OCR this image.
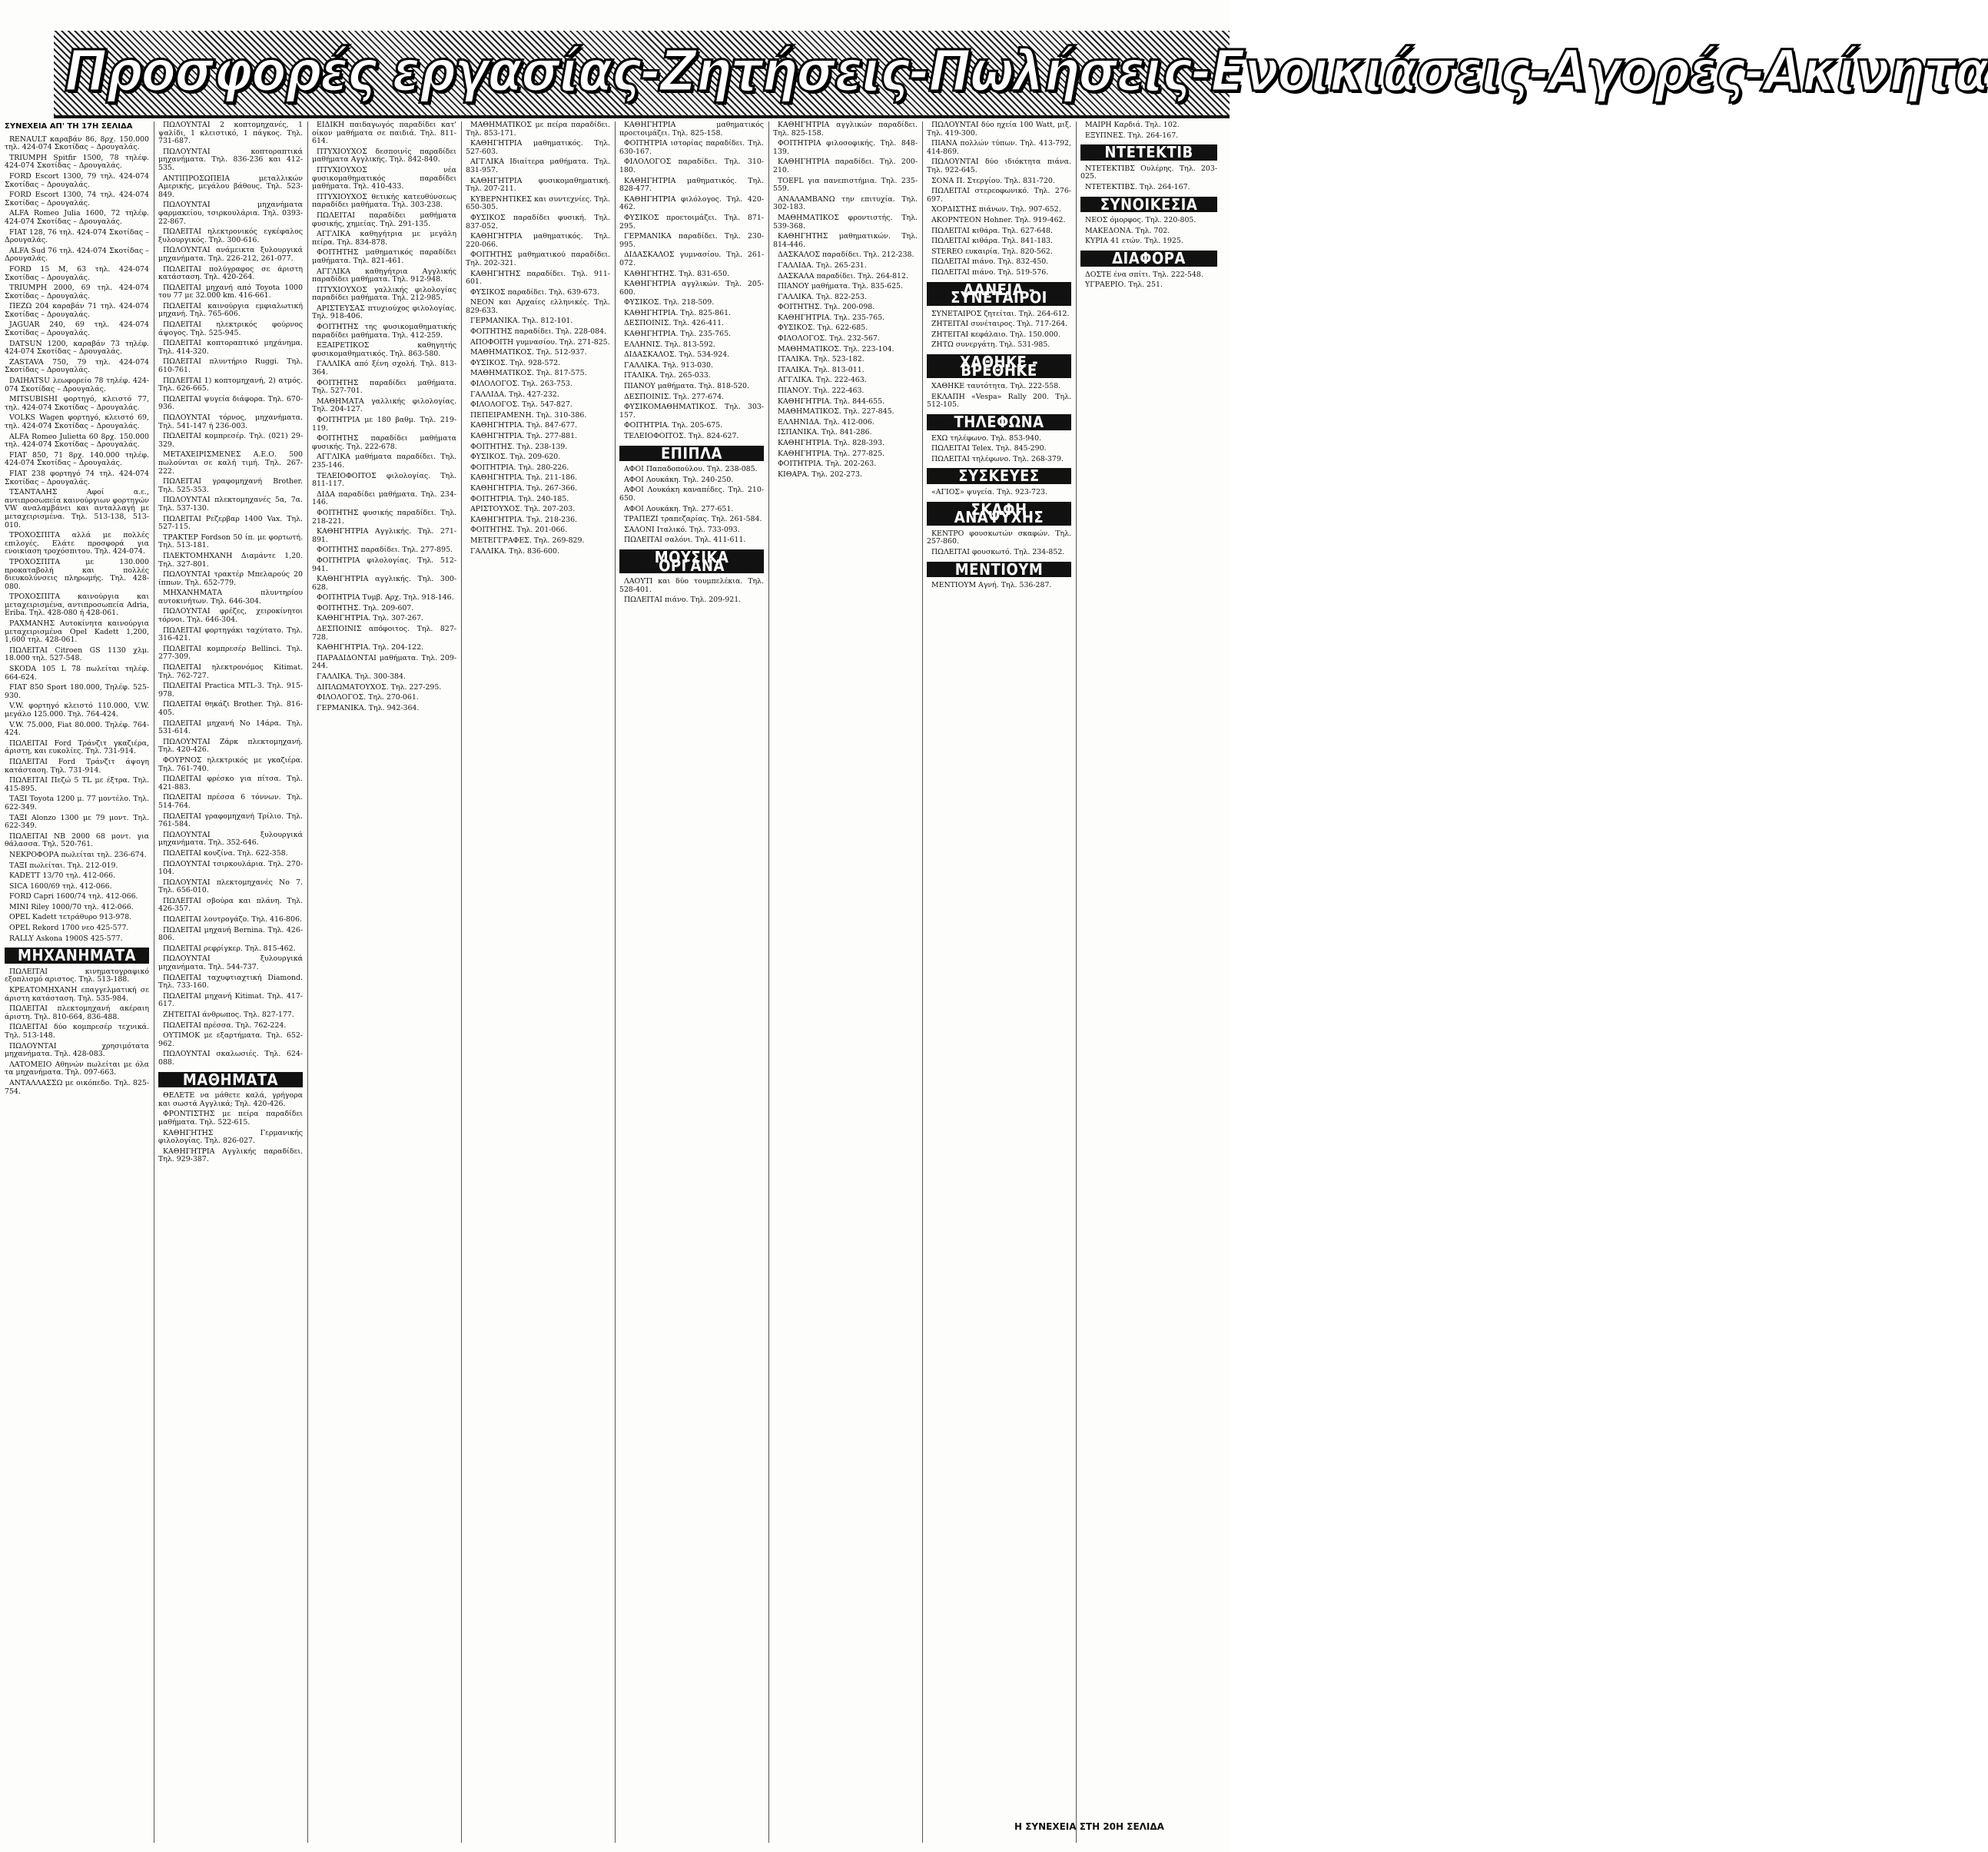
Προσφορές εργασίας-Ζητήσεις-Πωλήσεις-Ενοικιάσεις-Αγορές-Ακίνητα
ΣΥΝΕΧΕΙΑ ΑΠ' ΤΗ 17Η ΣΕΛΙΔΑ

RENAULT καραβάν 86, 8ρχ. 150.000 τηλ. 424-074 Σκοτίδας – Δρουγαλάς.

TRIUMPH Spitfir 1500, 78 τηλέφ. 424-074 Σκοτίδας – Δρουγαλάς.

FORD Escort 1300, 79 τηλ. 424-074 Σκοτίδας – Δρουγαλάς.

FORD Escort 1300, 74 τηλ. 424-074 Σκοτίδας – Δρουγαλάς.

ALFA Romeo Julia 1600, 72 τηλέφ. 424-074 Σκοτίδας – Δρουγαλάς.

FIAT 128, 76 τηλ. 424-074 Σκοτίδας – Δρουγαλάς.

ALFA Sud 76 τηλ. 424-074 Σκοτίδας – Δρουγαλάς.

FORD 15 M, 63 τηλ. 424-074 Σκοτίδας – Δρουγαλάς.

TRIUMPH 2000, 69 τηλ. 424-074 Σκοτίδας – Δρουγαλάς.

ΠΕΖΩ 204 καραβάν 71 τηλ. 424-074 Σκοτίδας – Δρουγαλάς.

JAGUAR 240, 69 τηλ. 424-074 Σκοτίδας – Δρουγαλάς.

DATSUN 1200, καραβάν 73 τηλέφ. 424-074 Σκοτίδας – Δρουγαλάς.

ZASTAVA 750, 79 τηλ. 424-074 Σκοτίδας – Δρουγαλάς.

DAIHATSU λεωφορείο 78 τηλέφ. 424-074 Σκοτίδας – Δρουγαλάς.

MITSUBISHI φορτηγό, κλειστό 77, τηλ. 424-074 Σκοτίδας – Δρουγαλάς.

VOLKS Wagen φορτηγό, κλειστό 69, τηλ. 424-074 Σκοτίδας – Δρουγαλάς.

ALFA Romeo Julietta 60 8ρχ. 150.000 τηλ. 424-074 Σκοτίδας – Δρουγαλάς.

FIAT 850, 71 8ρχ. 140.000 τηλέφ. 424-074 Σκοτίδας – Δρουγαλάς.

FIAT 238 φορτηγό 74 τηλ. 424-074 Σκοτίδας – Δρουγαλάς.

ΤΣΑΝΤΑΛΗΣ Αφοί α.ε., αντιπροσωπεία καινούργιων φορτηγών VW αναλαμβάνει και ανταλλαγή με μεταχειρισμένα. Τηλ. 513-138, 513-010.

ΤΡΟΧΟΣΠΙΤΑ αλλά με πολλές επιλογές. Ελάτε προσφορά για ενοικίαση τροχόσπιτου. Τηλ. 424-074.

ΤΡΟΧΟΣΠΙΤΑ με 130.000 προκαταβολή και πολλές διευκολύνσεις πληρωμής. Τηλ. 428-080.

ΤΡΟΧΟΣΠΙΤΑ καινούργια και μεταχειρισμένα, αντιπροσωπεία Adria, Eriba. Τηλ. 428-080 ή 428-061.

ΡΑΧΜΑΝΗΣ Αυτοκίνητα καινούργια μεταχειρισμένα Opel Kadett 1,200, 1,600 τηλ. 428-061.

ΠΩΛΕΙΤΑΙ Citroen GS 1130 χλμ. 18.000 τηλ. 527-548.

SKODA 105 L 78 πωλείται τηλέφ. 664-624.

FIAT 850 Sport 180.000, Τηλέφ. 525-930.

V.W. φορτηγό κλειστό 110.000, V.W. μεγάλο 125.000. Τηλ. 764-424.

V.W. 75.000, Fiat 80.000. Τηλέφ. 764-424.

ΠΩΛΕΙΤΑΙ Ford Τράνζιτ γκαζιέρα, άριστη, και ευκολίες. Τηλ. 731-914.

ΠΩΛΕΙΤΑΙ Ford Τράνζιτ άψογη κατάσταση. Τηλ. 731-914.

ΠΩΛΕΙΤΑΙ Πεζώ 5 TL με έξτρα. Τηλ. 415-895.

ΤΑΞΙ Toyota 1200 μ. 77 μοντέλο. Τηλ. 622-349.

ΤΑΞΙ Αlonzo 1300 με 79 μοντ. Τηλ. 622-349.

ΠΩΛΕΙΤΑΙ ΝΒ 2000 68 μοντ. για θάλασσα. Τηλ. 520-761.

ΝΕΚΡΟΦΟΡΑ πωλείται τηλ. 236-674.

ΤΑΞΙ πωλείται. Τηλ. 212-019.

KADETT 13/70 τηλ. 412-066.

SIСΑ 1600/69 τηλ. 412-066.

FORD Capri 1600/74 τηλ. 412-066.

MINI Riley 1000/70 τηλ. 412-066.

OPEL Kadett τετράθυρο 913-978.

OPEL Rekord 1700 νεο 425-577.

RALLY Askona 1900S 425-577.

ΜΗΧΑΝΗΜΑΤΑ

ΠΩΛΕΙΤΑΙ κινηματογραφικό εξοπλισμό αριστος. Τηλ. 513-188.

ΚΡΕΑΤΟΜΗΧΑΝΗ επαγγελματική σε άριστη κατάσταση. Τηλ. 535-984.

ΠΩΛΕΙΤΑΙ πλεκτομηχανή ακέραιη άριστη. Τηλ. 810-664, 836-488.

ΠΩΛΕΙΤΑΙ δύο κομπρεσέρ τεχνικά. Τηλ. 513-148.

ΠΩΛΟΥΝΤΑΙ χρησιμότατα μηχανήματα. Τηλ. 428-083.

ΛΑΤΟΜΕΙΟ Αθηνών πωλείται με όλα τα μηχανήματα. Τηλ. 097-663.

ΑΝΤΑΛΛΑΣΣΩ με οικόπεδο. Τηλ. 825-754.

ΠΩΛΟΥΝΤΑΙ 2 κοπτομηχανές, 1 ψαλίδι, 1 κλειστικό, 1 πάγκος. Τηλ. 731-687.

ΠΩΛΟΥΝΤΑΙ κοπτοραπτικά μηχανήματα. Τηλ. 836-236 και 412-535.

ΑΝΤΙΠΡΟΣΩΠΕΙΑ μεταλλικών Αμερικής, μεγάλου βάθους. Τηλ. 523-849.

ΠΩΛΟΥΝΤΑΙ μηχανήματα φαρμακείου, τσιρκουλάρια. Τηλ. 0393-22-867.

ΠΩΛΕΙΤΑΙ ηλεκτρονικός εγκέφαλος ξυλουργικός. Τηλ. 300-616.

ΠΩΛΟΥΝΤΑΙ ανάμεικτα ξυλουργικά μηχανήματα. Τηλ. 226-212, 261-077.

ΠΩΛΕΙΤΑΙ πολύγραφος σε άριστη κατάσταση. Τηλ. 420-264.

ΠΩΛΕΙΤΑΙ μηχανή από Toyota 1000 του 77 με 32.000 km. 416-661.

ΠΩΛΕΙΤΑΙ καινούργια εμφιαλωτική μηχανή. Τηλ. 765-606.

ΠΩΛΕΙΤΑΙ ηλεκτρικός φούρνος άψογος. Τηλ. 525-945.

ΠΩΛΕΙΤΑΙ κοπτοραπτικό μηχάνημα. Τηλ. 414-320.

ΠΩΛΕΙΤΑΙ πλυντήριο Ruggi. Τηλ. 610-761.

ΠΩΛΕΙΤΑΙ 1) κοπτομηχανή, 2) ατμός. Τηλ. 626-665.

ΠΩΛΕΙΤΑΙ ψυγεία διάφορα. Τηλ. 670-936.

ΠΩΛΟΥΝΤΑΙ τόρνος, μηχανήματα. Τηλ. 541-147 ή 236-003.

ΠΩΛΕΙΤΑΙ κομπρεσέρ. Τηλ. (021) 29-329.

ΜΕΤΑΧΕΙΡΙΣΜΕΝΕΣ Α.Ε.Ο. 500 πωλούνται σε καλή τιμή. Τηλ. 267-222.

ΠΩΛΕΙΤΑΙ γραφομηχανή Brother. Τηλ. 525-353.

ΠΩΛΟΥΝΤΑΙ πλεκτομηχανές 5α, 7α. Τηλ. 537-130.

ΠΩΛΕΙΤΑΙ Ρεζερβαρ 1400 Vax. Τηλ. 527-115.

ΤΡΑΚΤΕΡ Fordson 50 ίπ. με φορτωτή. Τηλ. 513-181.

ΠΛΕΚΤΟΜΗΧΑΝΗ Διαμάντε 1,20. Τηλ. 327-801.

ΠΩΛΟΥΝΤΑΙ τρακτέρ Μπελαρούς 20 ίππων. Τηλ. 652-779.

ΜΗΧΑΝΗΜΑΤΑ πλυντηρίου αυτοκινήτων. Τηλ. 646-304.

ΠΩΛΟΥΝΤΑΙ φρέζες, χειροκίνητοι τόρνοι. Τηλ. 646-304.

ΠΩΛΕΙΤΑΙ φορτηγάκι ταχύτατο. Τηλ. 316-421.

ΠΩΛΕΙΤΑΙ κομπρεσέρ Bellinci. Τηλ. 277-309.

ΠΩΛΕΙΤΑΙ ηλεκτρονόμος Kitimat. Τηλ. 762-727.

ΠΩΛΕΙΤΑΙ Practica ΜΤL-3. Τηλ. 915-978.

ΠΩΛΕΙΤΑΙ θηκάζι Brother. Τηλ. 816-405.

ΠΩΛΕΙΤΑΙ μηχανή Νο 14άρα. Τηλ. 531-614.

ΠΩΛΟΥΝΤΑΙ Ζάρκ πλεκτομηχανή. Τηλ. 420-426.

ΦΟΥΡΝΟΣ ηλεκτρικός με γκαζιέρα. Τηλ. 761-740.

ΠΩΛΕΙΤΑΙ φρέσκο για πίτσα. Τηλ. 421-883.

ΠΩΛΕΙΤΑΙ πρέσσα 6 τόννων. Τηλ. 514-764.

ΠΩΛΕΙΤΑΙ γραφομηχανή Τρίλιο. Τηλ. 761-584.

ΠΩΛΟΥΝΤΑΙ ξυλουργικά μηχανήματα. Τηλ. 352-646.

ΠΩΛΕΙΤΑΙ κουζίνα. Τηλ. 622-358.

ΠΩΛΟΥΝΤΑΙ τσιρκουλάρια. Τηλ. 270-104.

ΠΩΛΟΥΝΤΑΙ πλεκτομηχανές Νο 7. Τηλ. 656-010.

ΠΩΛΕΙΤΑΙ σβούρα και πλάνη. Τηλ. 426-357.

ΠΩΛΕΙΤΑΙ λουτρογάζο. Τηλ. 416-806.

ΠΩΛΕΙΤΑΙ μηχανή Bernina. Τηλ. 426-806.

ΠΩΛΕΙΤΑΙ ρεφρίγκερ. Τηλ. 815-462.

ΠΩΛΟΥΝΤΑΙ ξυλουργικά μηχανήματα. Τηλ. 544-737.

ΠΩΛΕΙΤΑΙ ταχυφτιαχτική Diamond. Τηλ. 733-160.

ΠΩΛΕΙΤΑΙ μηχανή Kitimat. Τηλ. 417-617.

ΖΗΤΕΙΤΑΙ άνθρωπος. Τηλ. 827-177.

ΠΩΛΕΙΤΑΙ πρέσσα. Τηλ. 762-224.

ΟΥΤΙΜΟΚ με εξαρτήματα. Τηλ. 652-962.

ΠΩΛΟΥΝΤΑΙ σκαλωσιές. Τηλ. 624-088.

ΜΑΘΗΜΑΤΑ

ΘΕΛΕΤΕ να μάθετε καλά, γρήγορα και σωστά Αγγλικά; Τηλ. 420-426.

ΦΡΟΝΤΙΣΤΗΣ με πείρα παραδίδει μαθήματα. Τηλ. 522-615.

ΚΑΘΗΓΗΤΗΣ Γερμανικής φιλολογίας. Τηλ. 826-027.

ΚΑΘΗΓΗΤΡΙΑ Αγγλικής παραδίδει. Τηλ. 929-387.

ΕΙΔΙΚΗ παιδαγωγός παραδίδει κατ' οίκον μαθήματα σε παιδιά. Τηλ. 811-614.

ΠΤΥΧΙΟΥΧΟΣ δεσποινίς παραδίδει μαθήματα Αγγλικής. Τηλ. 842-840.

ΠΤΥΧΙΟΥΧΟΣ νέα φυσικομαθηματικός παραδίδει μαθήματα. Τηλ. 410-433.

ΠΤΥΧΙΟΥΧΟΣ θετικής κατευθύνσεως παραδίδει μαθήματα. Τηλ. 303-238.

ΠΩΛΕΙΤΑΙ παραδίδει μαθήματα φυσικής, χημείας. Τηλ. 291-135.

ΑΓΓΛΙΚΑ καθηγήτρια με μεγάλη πείρα. Τηλ. 834-878.

ΦΟΙΤΗΤΗΣ μαθηματικός παραδίδει μαθήματα. Τηλ. 821-461.

ΑΓΓΛΙΚΑ καθηγήτρια Αγγλικής παραδίδει μαθήματα. Τηλ. 912-948.

ΠΤΥΧΙΟΥΧΟΣ γαλλικής φιλολογίας παραδίδει μαθήματα. Τηλ. 212-985.

ΑΡΙΣΤΕΥΣΑΣ πτυχιούχος φιλολογίας. Τηλ. 918-406.

ΦΟΙΤΗΤΗΣ της φυσικομαθηματικής παραδίδει μαθήματα. Τηλ. 412-259.

ΕΞΑΙΡΕΤΙΚΟΣ καθηγητής φυσικομαθηματικός. Τηλ. 863-580.

ΓΑΛΛΙΚΑ από ξένη σχολή. Τηλ. 813-364.

ΦΟΙΤΗΤΗΣ παραδίδει μαθήματα. Τηλ. 527-701.

ΜΑΘΗΜΑΤΑ γαλλικής φιλολογίας. Τηλ. 204-127.

ΦΟΙΤΗΤΡΙΑ με 180 βαθμ. Τηλ. 219-119.

ΦΟΙΤΗΤΗΣ παραδίδει μαθήματα φυσικής. Τηλ. 222-678.

ΑΓΓΛΙΚΑ μαθήματα παραδίδει. Τηλ. 235-146.

ΤΕΛΕΙΟΦΟΙΤΟΣ φιλολογίας. Τηλ. 811-117.

ΔΙΔΑ παραδίδει μαθήματα. Τηλ. 234-146.

ΦΟΙΤΗΤΗΣ φυσικής παραδίδει. Τηλ. 218-221.

ΚΑΘΗΓΗΤΡΙΑ Αγγλικής. Τηλ. 271-891.

ΦΟΙΤΗΤΗΣ παραδίδει. Τηλ. 277-895.

ΦΟΙΤΗΤΡΙΑ φιλολογίας. Τηλ. 512-941.

ΚΑΘΗΓΗΤΡΙΑ αγγλικής. Τηλ. 300-628.

ΦΟΙΤΗΤΡΙΑ Τυμβ. Αρχ. Τηλ. 918-146.

ΦΟΙΤΗΤΗΣ. Τηλ. 209-607.

ΚΑΘΗΓΗΤΡΙΑ. Τηλ. 307-267.

ΔΕΣΠΟΙΝΙΣ απόφοιτος. Τηλ. 827-728.

ΚΑΘΗΓΗΤΡΙΑ. Τηλ. 204-122.

ΠΑΡΑΔΙΔΟΝΤΑΙ μαθήματα. Τηλ. 209-244.

ΓΑΛΛΙΚΑ. Τηλ. 300-384.

ΔΙΠΛΩΜΑΤΟΥΧΟΣ. Τηλ. 227-295.

ΦΙΛΟΛΟΓΟΣ. Τηλ. 270-061.

ΓΕΡΜΑΝΙΚΑ. Τηλ. 942-364.

ΜΑΘΗΜΑΤΙΚΟΣ με πείρα παραδίδει. Τηλ. 853-171.

ΚΑΘΗΓΗΤΡΙΑ μαθηματικός. Τηλ. 527-603.

ΑΓΓΛΙΚΑ Ιδιαίτερα μαθήματα. Τηλ. 831-957.

ΚΑΘΗΓΗΤΡΙΑ φυσικομαθηματική. Τηλ. 207-211.

ΚΥΒΕΡΝΗΤΙΚΕΣ και συντεχνίες. Τηλ. 650-305.

ΦΥΣΙΚΟΣ παραδίδει φυσική. Τηλ. 837-052.

ΚΑΘΗΓΗΤΡΙΑ μαθηματικός. Τηλ. 220-066.

ΦΟΙΤΗΤΗΣ μαθηματικού παραδίδει. Τηλ. 202-321.

ΚΑΘΗΓΗΤΗΣ παραδίδει. Τηλ. 911-601.

ΦΥΣΙΚΟΣ παραδίδει. Τηλ. 639-673.

ΝΕΟΝ και Αρχαίες ελληνικές. Τηλ. 829-633.

ΓΕΡΜΑΝΙΚΑ. Τηλ. 812-101.

ΦΟΙΤΗΤΗΣ παραδίδει. Τηλ. 228-084.

ΑΠΟΦΟΙΤΗ γυμνασίου. Τηλ. 271-825.

ΜΑΘΗΜΑΤΙΚΟΣ. Τηλ. 512-937.

ΦΥΣΙΚΟΣ. Τηλ. 928-572.

ΜΑΘΗΜΑΤΙΚΟΣ. Τηλ. 817-575.

ΦΙΛΟΛΟΓΟΣ. Τηλ. 263-753.

ΓΑΛΛΙΔΑ. Τηλ. 427-232.

ΦΙΛΟΛΟΓΟΣ. Τηλ. 547-827.

ΠΕΠΕΙΡΑΜΕΝΗ. Τηλ. 310-386.

ΚΑΘΗΓΗΤΡΙΑ. Τηλ. 847-677.

ΚΑΘΗΓΗΤΡΙΑ. Τηλ. 277-881.

ΦΟΙΤΗΤΗΣ. Τηλ. 238-139.

ΦΥΣΙΚΟΣ. Τηλ. 209-620.

ΦΟΙΤΗΤΡΙΑ. Τηλ. 280-226.

ΚΑΘΗΓΗΤΡΙΑ. Τηλ. 211-186.

ΚΑΘΗΓΗΤΡΙΑ. Τηλ. 267-366.

ΦΟΙΤΗΤΡΙΑ. Τηλ. 240-185.

ΑΡΙΣΤΟΥΧΟΣ. Τηλ. 207-203.

ΚΑΘΗΓΗΤΡΙΑ. Τηλ. 218-236.

ΦΟΙΤΗΤΗΣ. Τηλ. 201-066.

ΜΕΤΕΓΓΡΑΦΕΣ. Τηλ. 269-829.

ΓΑΛΛΙΚΑ. Τηλ. 836-600.

ΚΑΘΗΓΗΤΡΙΑ μαθηματικός προετοιμάζει. Τηλ. 825-158.

ΦΟΙΤΗΤΡΙΑ ιστορίας παραδίδει. Τηλ. 630-167.

ΦΙΛΟΛΟΓΟΣ παραδίδει. Τηλ. 310-180.

ΚΑΘΗΓΗΤΡΙΑ μαθηματικός. Τηλ. 828-477.

ΚΑΘΗΓΗΤΡΙΑ φιλόλογος. Τηλ. 420-462.

ΦΥΣΙΚΟΣ προετοιμάζει. Τηλ. 871-295.

ΓΕΡΜΑΝΙΚΑ παραδίδει. Τηλ. 230-995.

ΔΙΔΑΣΚΑΛΟΣ γυμνασίου. Τηλ. 261-072.

ΚΑΘΗΓΗΤΗΣ. Τηλ. 831-650.

ΚΑΘΗΓΗΤΡΙΑ αγγλικών. Τηλ. 205-600.

ΦΥΣΙΚΟΣ. Τηλ. 218-509.

ΚΑΘΗΓΗΤΡΙΑ. Τηλ. 825-861.

ΔΕΣΠΟΙΝΙΣ. Τηλ. 426-411.

ΚΑΘΗΓΗΤΡΙΑ. Τηλ. 235-765.

ΕΛΛΗΝΙΣ. Τηλ. 813-592.

ΔΙΔΑΣΚΑΛΟΣ. Τηλ. 534-924.

ΓΑΛΛΙΚΑ. Τηλ. 913-030.

ΙΤΑΛΙΚΑ. Τηλ. 265-033.

ΠΙΑΝΟΥ μαθήματα. Τηλ. 818-520.

ΔΕΣΠΟΙΝΙΣ. Τηλ. 277-674.

ΦΥΣΙΚΟΜΑΘΗΜΑΤΙΚΟΣ. Τηλ. 303-157.

ΦΟΙΤΗΤΡΙΑ. Τηλ. 205-675.

ΤΕΛΕΙΟΦΟΙΤΟΣ. Τηλ. 824-627.

ΕΠΙΠΛΑ

ΑΦΟΙ Παπαδοπούλου. Τηλ. 238-085.

ΑΦΟΙ Λουκάκη. Τηλ. 240-250.

ΑΦΟΙ Λουκάκη καναπέδες. Τηλ. 210-650.

ΑΦΟΙ Λουκάκη. Τηλ. 277-651.

ΤΡΑΠΕΖΙ τραπεζαρίας. Τηλ. 261-584.

ΣΑΛΟΝΙ Ιταλικό. Τηλ. 733-093.

ΠΩΛΕΙΤΑΙ σαλόνι. Τηλ. 411-611.

ΜΟΥΣΙΚΑ ΟΡΓΑΝΑ

ΛΑΟΥΤΙ και δύο τουμπελέκια. Τηλ. 528-401.

ΠΩΛΕΙΤΑΙ πιάνο. Τηλ. 209-921.

ΚΑΘΗΓΗΤΡΙΑ αγγλικών παραδίδει. Τηλ. 825-158.

ΦΟΙΤΗΤΡΙΑ φιλοσοφικής. Τηλ. 848-139.

ΚΑΘΗΓΗΤΡΙΑ παραδίδει. Τηλ. 200-210.

TOEFL για πανεπιστήμια. Τηλ. 235-559.

ΑΝΑΛΑΜΒΑΝΩ την επιτυχία. Τηλ. 302-183.

ΜΑΘΗΜΑΤΙΚΟΣ φροντιστής. Τηλ. 539-368.

ΚΑΘΗΓΗΤΗΣ μαθηματικών. Τηλ. 814-446.

ΔΑΣΚΑΛΟΣ παραδίδει. Τηλ. 212-238.

ΓΑΛΛΙΔΑ. Τηλ. 265-231.

ΔΑΣΚΑΛΑ παραδίδει. Τηλ. 264-812.

ΠΙΑΝΟΥ μαθήματα. Τηλ. 835-625.

ΓΑΛΛΙΚΑ. Τηλ. 822-253.

ΦΟΙΤΗΤΗΣ. Τηλ. 200-098.

ΚΑΘΗΓΗΤΡΙΑ. Τηλ. 235-765.

ΦΥΣΙΚΟΣ. Τηλ. 622-685.

ΦΙΛΟΛΟΓΟΣ. Τηλ. 232-567.

ΜΑΘΗΜΑΤΙΚΟΣ. Τηλ. 223-104.

ΙΤΑΛΙΚΑ. Τηλ. 523-182.

ΙΤΑΛΙΚΑ. Τηλ. 813-011.

ΑΓΓΛΙΚΑ. Τηλ. 222-463.

ΠΙΑΝΟΥ. Τηλ. 222-463.

ΚΑΘΗΓΗΤΡΙΑ. Τηλ. 844-655.

ΜΑΘΗΜΑΤΙΚΟΣ. Τηλ. 227-845.

ΕΛΛΗΝΙΔΑ. Τηλ. 412-006.

ΙΣΠΑΝΙΚΑ. Τηλ. 841-286.

ΚΑΘΗΓΗΤΡΙΑ. Τηλ. 828-393.

ΚΑΘΗΓΗΤΡΙΑ. Τηλ. 277-825.

ΦΟΙΤΗΤΡΙΑ. Τηλ. 202-263.

ΚΙΘΑΡΑ. Τηλ. 202-273.

ΠΩΛΟΥΝΤΑΙ δύο ηχεία 100 Watt, μιξ. Τηλ. 419-300.

ΠΙΑΝΑ πολλών τύπων. Τηλ. 413-792, 414-869.

ΠΩΛΟΥΝΤΑΙ δύο ιδιόκτητα πιάνα. Τηλ. 922-645.

ΣΟΝΑ Π. Στεργίου. Τηλ. 831-720.

ΠΩΛΕΙΤΑΙ στερεοφωνικό. Τηλ. 276-697.

ΧΟΡΔΙΣΤΗΣ πιάνων. Τηλ. 907-652.

ΑΚΟΡΝΤΕΟΝ Hohner. Τηλ. 919-462.

ΠΩΛΕΙΤΑΙ κιθάρα. Τηλ. 627-648.

ΠΩΛΕΙΤΑΙ κιθάρα. Τηλ. 841-183.

STEREO ευκαιρία. Τηλ. 820-562.

ΠΩΛΕΙΤΑΙ πιάνο. Τηλ. 832-450.

ΠΩΛΕΙΤΑΙ πιάνο. Τηλ. 519-576.

ΔΑΝΕΙΑ - ΣΥΝΕΤΑΙΡΟΙ

ΣΥΝΕΤΑΙΡΟΣ ζητείται. Τηλ. 264-612.

ΖΗΤΕΙΤΑΙ συνέταιρος. Τηλ. 717-264.

ΖΗΤΕΙΤΑΙ κεφάλαιο. Τηλ. 150.000.

ΖΗΤΩ συνεργάτη. Τηλ. 531-985.

ΧΑΘΗΚΕ - ΒΡΕΘΗΚΕ

ΧΑΘΗΚΕ ταυτότητα. Τηλ. 222-558.

ΕΚΛΑΠΗ «Vespa» Rally 200. Τηλ. 512-105.

ΤΗΛΕΦΩΝΑ

ΕΧΩ τηλέφωνο. Τηλ. 853-940.

ΠΩΛΕΙΤΑΙ Telex. Τηλ. 845-290.

ΠΩΛΕΙΤΑΙ τηλέφωνο. Τηλ. 268-379.

ΣΥΣΚΕΥΕΣ

«ΑΓΙΟΣ» ψυγεία. Τηλ. 923-723.

ΣΚΑΦΗ ΑΝΑΨΥΧΗΣ

ΚΕΝΤΡΟ φουσκωτών σκαφών. Τηλ. 257-860.

ΠΩΛΕΙΤΑΙ φουσκωτό. Τηλ. 234-852.

ΜΕΝΤΙΟΥΜ

ΜΕΝΤΙΟΥΜ Αγνή. Τηλ. 536-287.

ΜΑΙΡΗ Καρδιά. Τηλ. 102.

ΕΞΥΠΝΕΣ. Τηλ. 264-167.

ΝΤΕΤΕΚΤΙΒ

ΝΤΕΤΕΚΤΙΒΣ Ουλέρης. Τηλ. 203-025.

ΝΤΕΤΕΚΤΙΒΣ. Τηλ. 264-167.

ΣΥΝΟΙΚΕΣΙΑ

ΝΕΟΣ όμορφος. Τηλ. 220-805.

ΜΑΚΕΔΟΝΑ. Τηλ. 702.

ΚΥΡΙΑ 41 ετών. Τηλ. 1925.

ΔΙΑΦΟΡΑ

ΔΟΣΤΕ ένα σπίτι. Τηλ. 222-548.

ΥΓΡΑΕΡΙΟ. Τηλ. 251.

Η ΣΥΝΕΧΕΙΑ ΣΤΗ 20Η ΣΕΛΙΔΑ
